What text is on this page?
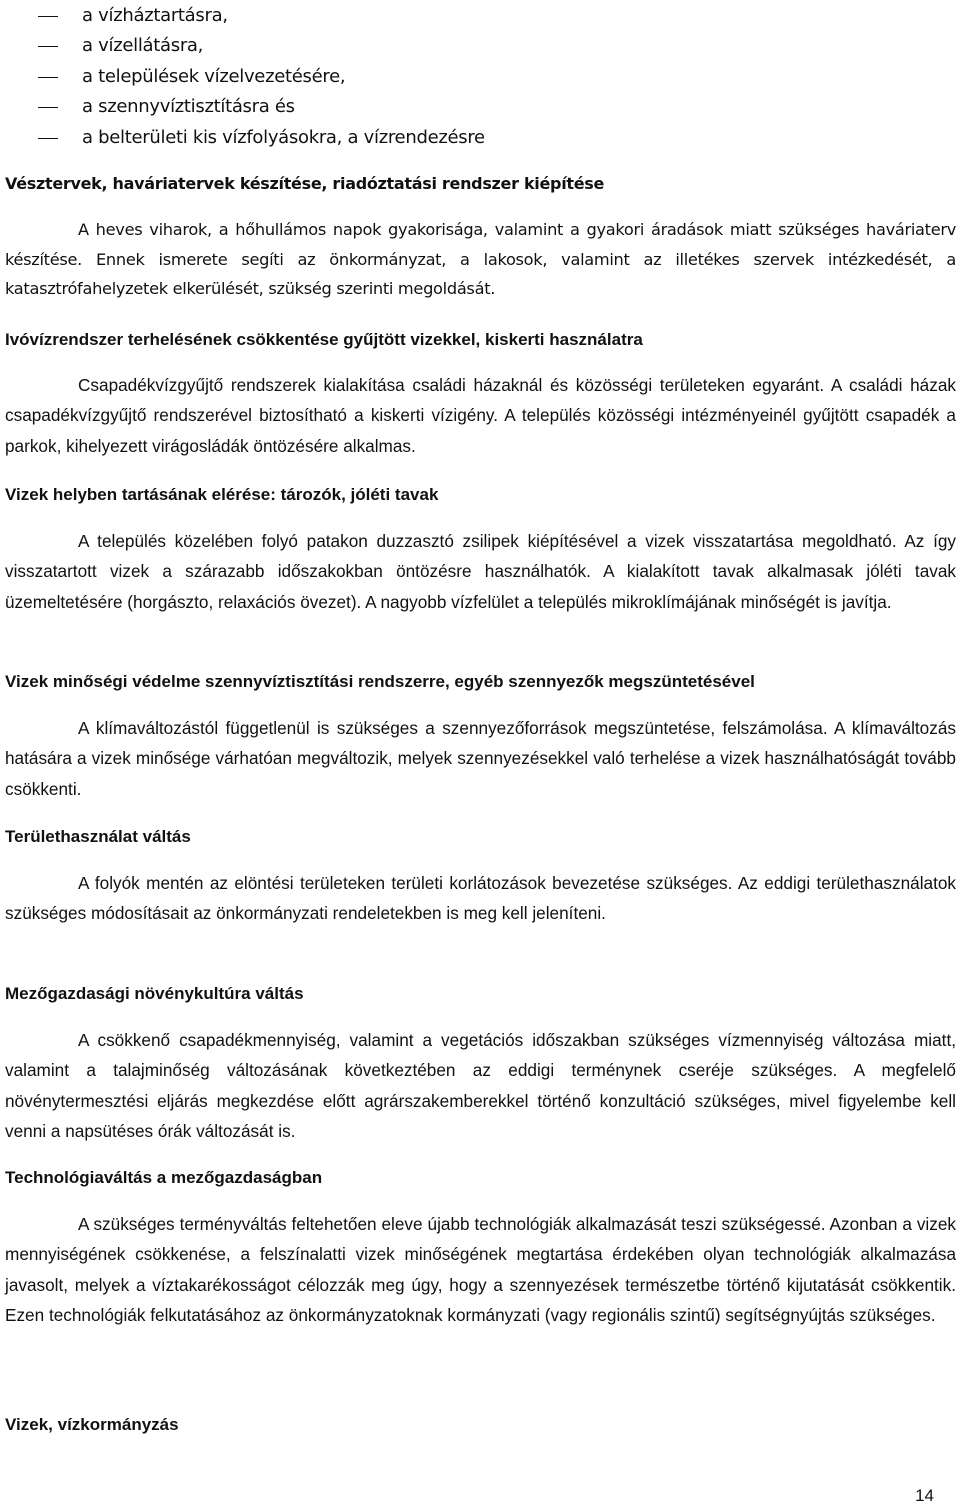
a vízháztartásra,
a vízellátásra,
a települések vízelvezetésére,
a szennyvíztisztításra és
a belterületi kis vízfolyásokra, a vízrendezésre
Vésztervek, haváriatervek készítése, riadóztatási rendszer kiépítése

A heves viharok, a hőhullámos napok gyakorisága, valamint a gyakori áradások miatt szükséges haváriaterv készítése. Ennek ismerete segíti az önkormányzat, a lakosok, valamint az illetékes szervek intézkedését, a katasztrófahelyzetek elkerülését, szükség szerinti megoldását.

Ivóvízrendszer terhelésének csökkentése gyűjtött vizekkel, kiskerti használatra

Csapadékvízgyűjtő rendszerek kialakítása családi házaknál és közösségi területeken egyaránt. A családi házak csapadékvízgyűjtő rendszerével biztosítható a kiskerti vízigény. A település közösségi intézményeinél gyűjtött csapadék a parkok, kihelyezett virágosládák öntözésére alkalmas.

Vizek helyben tartásának elérése: tározók, jóléti tavak

A település közelében folyó patakon duzzasztó zsilipek kiépítésével a vizek visszatartása megoldható. Az így visszatartott vizek a szárazabb időszakokban öntözésre használhatók. A kialakított tavak alkalmasak jóléti tavak üzemeltetésére (horgászto, relaxációs övezet). A nagyobb vízfelület a település mikroklímájának minőségét is javítja.

Vizek minőségi védelme szennyvíztisztítási rendszerre, egyéb szennyezők megszüntetésével

A klímaváltozástól függetlenül is szükséges a szennyezőforrások megszüntetése, felszámolása. A klímaváltozás hatására a vizek minősége várhatóan megváltozik, melyek szennyezésekkel való terhelése a vizek használhatóságát tovább csökkenti.

Területhasználat váltás

A folyók mentén az elöntési területeken területi korlátozások bevezetése szükséges. Az eddigi területhasználatok szükséges módosításait az önkormányzati rendeletekben is meg kell jeleníteni.

Mezőgazdasági növénykultúra váltás

A csökkenő csapadékmennyiség, valamint a vegetációs időszakban szükséges vízmennyiség változása miatt, valamint a talajminőség változásának következtében az eddigi terménynek cseréje szükséges. A megfelelő növénytermesztési eljárás megkezdése előtt agrárszakemberekkel történő konzultáció szükséges, mivel figyelembe kell venni a napsütéses órák változását is.

Technológiaváltás a mezőgazdaságban

A szükséges terményváltás feltehetően eleve újabb technológiák alkalmazását teszi szükségessé. Azonban a vizek mennyiségének csökkenése, a felszínalatti vizek minőségének megtartása érdekében olyan technológiák alkalmazása javasolt, melyek a víztakarékosságot célozzák meg úgy, hogy a szennyezések természetbe történő kijutatását csökkentik. Ezen technológiák felkutatásához az önkormányzatoknak kormányzati (vagy regionális szintű) segítségnyújtás szükséges.

Vizek, vízkormányzás
14
